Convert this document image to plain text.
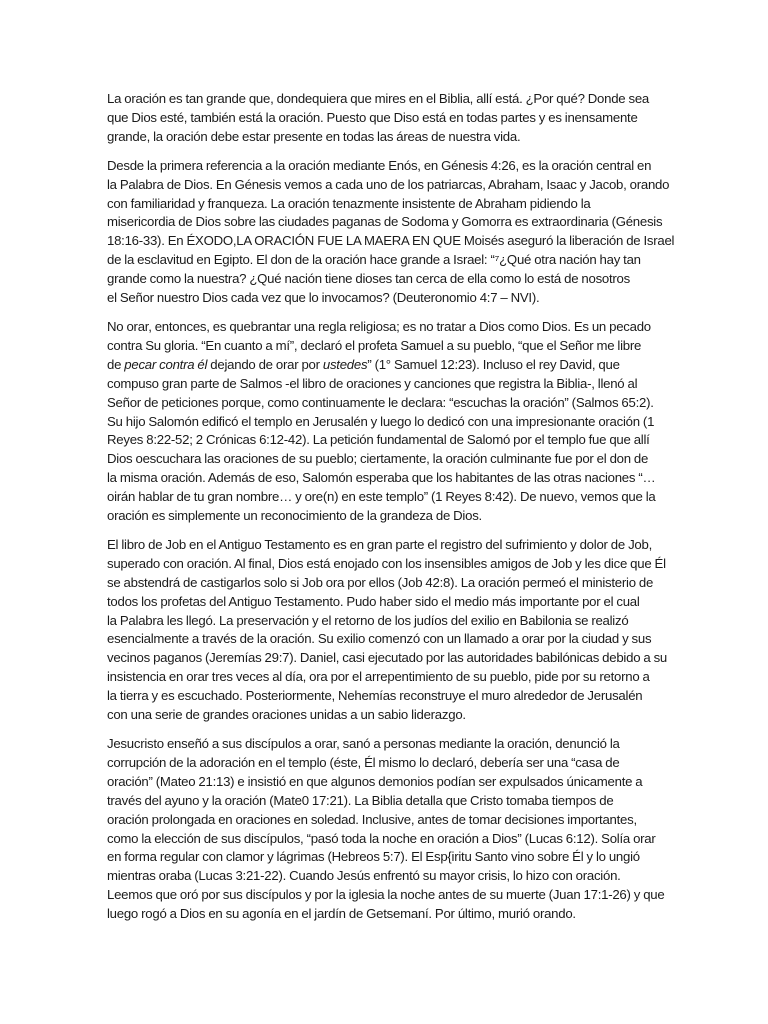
La oración es tan grande que, dondequiera que mires en el Biblia, allí está. ¿Por qué? Donde sea
que Dios esté, también está la oración. Puesto que Diso está en todas partes y es inensamente
grande, la oración debe estar presente en todas las áreas de nuestra vida.

Desde la primera referencia a la oración mediante Enós, en Génesis 4:26, es la oración central en
la Palabra de Dios. En Génesis vemos a cada uno de los patriarcas, Abraham, Isaac y Jacob, orando
con familiaridad y franqueza. La oración tenazmente insistente de Abraham pidiendo la
misericordia de Dios sobre las ciudades paganas de Sodoma y Gomorra es extraordinaria (Génesis
18:16-33). En ÉXODO,LA ORACIÓN FUE LA MAERA EN QUE Moisés aseguró la liberación de Israel
de la esclavitud en Egipto. El don de la oración hace grande a Israel: “⁷¿Qué otra nación hay tan
grande como la nuestra? ¿Qué nación tiene dioses tan cerca de ella como lo está de nosotros
el Señor nuestro Dios cada vez que lo invocamos? (Deuteronomio 4:7 – NVI).

No orar, entonces, es quebrantar una regla religiosa; es no tratar a Dios como Dios. Es un pecado
contra Su gloria. “En cuanto a mí”, declaró el profeta Samuel a su pueblo, “que el Señor me libre
de pecar contra él dejando de orar por ustedes” (1° Samuel 12:23). Incluso el rey David, que
compuso gran parte de Salmos -el libro de oraciones y canciones que registra la Biblia-, llenó al
Señor de peticiones porque, como continuamente le declara: “escuchas la oración” (Salmos 65:2).
Su hijo Salomón edificó el templo en Jerusalén y luego lo dedicó con una impresionante oración (1
Reyes 8:22-52; 2 Crónicas 6:12-42). La petición fundamental de Salomó por el templo fue que allí
Dios oescuchara las oraciones de su pueblo; ciertamente, la oración culminante fue por el don de
la misma oración. Además de eso, Salomón esperaba que los habitantes de las otras naciones “…
oirán hablar de tu gran nombre… y ore(n) en este templo” (1 Reyes 8:42). De nuevo, vemos que la
oración es simplemente un reconocimiento de la grandeza de Dios.

El libro de Job en el Antiguo Testamento es en gran parte el registro del sufrimiento y dolor de Job,
superado con oración. Al final, Dios está enojado con los insensibles amigos de Job y les dice que Él
se abstendrá de castigarlos solo si Job ora por ellos (Job 42:8). La oración permeó el ministerio de
todos los profetas del Antiguo Testamento. Pudo haber sido el medio más importante por el cual
la Palabra les llegó. La preservación y el retorno de los judíos del exilio en Babilonia se realizó
esencialmente a través de la oración. Su exilio comenzó con un llamado a orar por la ciudad y sus
vecinos paganos (Jeremías 29:7). Daniel, casi ejecutado por las autoridades babilónicas debido a su
insistencia en orar tres veces al día, ora por el arrepentimiento de su pueblo, pide por su retorno a
la tierra y es escuchado. Posteriormente, Nehemías reconstruye el muro alrededor de Jerusalén
con una serie de grandes oraciones unidas a un sabio liderazgo.

Jesucristo enseñó a sus discípulos a orar, sanó a personas mediante la oración, denunció la
corrupción de la adoración en el templo (éste, Él mismo lo declaró, debería ser una “casa de
oración” (Mateo 21:13) e insistió en que algunos demonios podían ser expulsados únicamente a
través del ayuno y la oración (Mate0 17:21). La Biblia detalla que Cristo tomaba tiempos de
oración prolongada en oraciones en soledad. Inclusive, antes de tomar decisiones importantes,
como la elección de sus discípulos, “pasó toda la noche en oración a Dios” (Lucas 6:12). Solía orar
en forma regular con clamor y lágrimas (Hebreos 5:7). El Esp{iritu Santo vino sobre Él y lo ungió
mientras oraba (Lucas 3:21-22). Cuando Jesús enfrentó su mayor crisis, lo hizo con oración.
Leemos que oró por sus discípulos y por la iglesia la noche antes de su muerte (Juan 17:1-26) y que
luego rogó a Dios en su agonía en el jardín de Getsemaní. Por último, murió orando.
